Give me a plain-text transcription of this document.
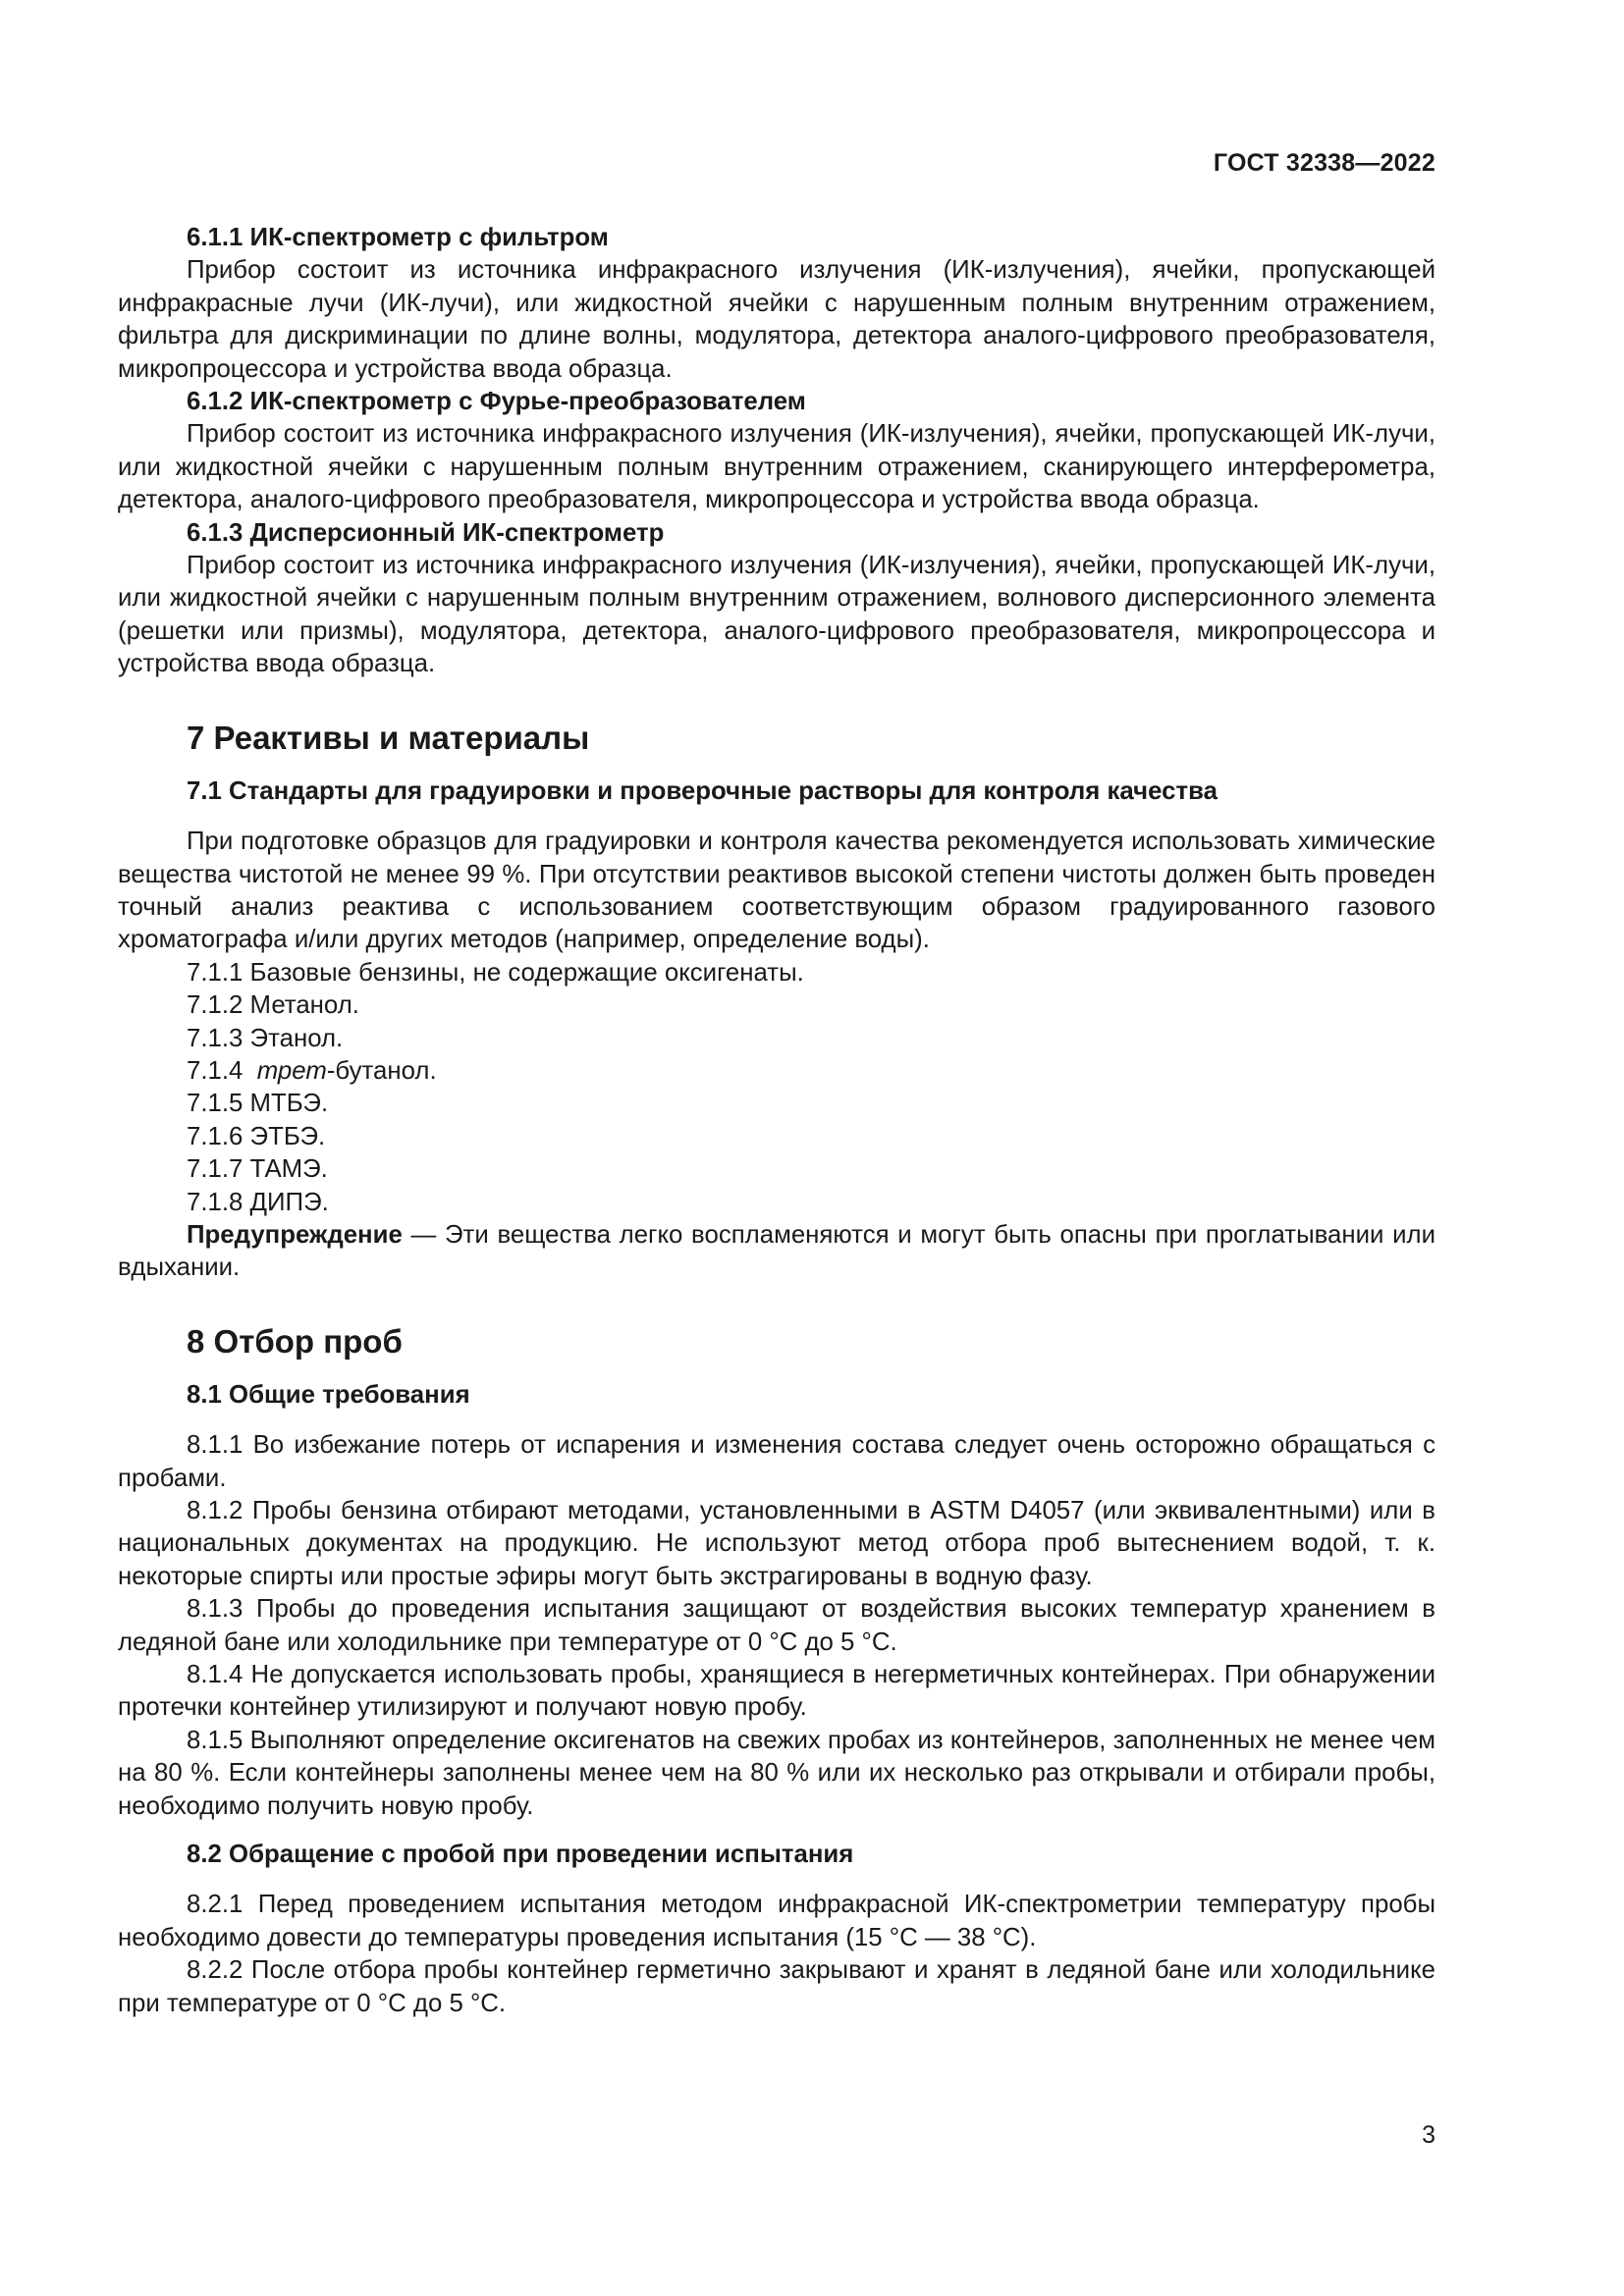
ГОСТ 32338—2022

6.1.1 ИК-спектрометр с фильтром

Прибор состоит из источника инфракрасного излучения (ИК-излучения), ячейки, пропускающей инфракрасные лучи (ИК-лучи), или жидкостной ячейки с нарушенным полным внутренним отражением, фильтра для дискриминации по длине волны, модулятора, детектора аналого-цифрового преобразователя, микропроцессора и устройства ввода образца.

6.1.2 ИК-спектрометр с Фурье-преобразователем

Прибор состоит из источника инфракрасного излучения (ИК-излучения), ячейки, пропускающей ИК-лучи, или жидкостной ячейки с нарушенным полным внутренним отражением, сканирующего интерферометра, детектора, аналого-цифрового преобразователя, микропроцессора и устройства ввода образца.

6.1.3 Дисперсионный ИК-спектрометр

Прибор состоит из источника инфракрасного излучения (ИК-излучения), ячейки, пропускающей ИК-лучи, или жидкостной ячейки с нарушенным полным внутренним отражением, волнового дисперсионного элемента (решетки или призмы), модулятора, детектора, аналого-цифрового преобразователя, микропроцессора и устройства ввода образца.

7 Реактивы и материалы

7.1 Стандарты для градуировки и проверочные растворы для контроля качества

При подготовке образцов для градуировки и контроля качества рекомендуется использовать химические вещества чистотой не менее 99 %. При отсутствии реактивов высокой степени чистоты должен быть проведен точный анализ реактива с использованием соответствующим образом градуированного газового хроматографа и/или других методов (например, определение воды).

7.1.1 Базовые бензины, не содержащие оксигенаты.

7.1.2 Метанол.

7.1.3 Этанол.

7.1.4  трет-бутанол.

7.1.5 МТБЭ.

7.1.6 ЭТБЭ.

7.1.7 ТАМЭ.

7.1.8 ДИПЭ.

Предупреждение — Эти вещества легко воспламеняются и могут быть опасны при проглатывании или вдыхании.

8 Отбор проб

8.1 Общие требования

8.1.1 Во избежание потерь от испарения и изменения состава следует очень осторожно обращаться с пробами.

8.1.2 Пробы бензина отбирают методами, установленными в ASTM D4057 (или эквивалентными) или в национальных документах на продукцию. Не используют метод отбора проб вытеснением водой, т. к. некоторые спирты или простые эфиры могут быть экстрагированы в водную фазу.

8.1.3 Пробы до проведения испытания защищают от воздействия высоких температур хранением в ледяной бане или холодильнике при температуре от 0 °С до 5 °С.

8.1.4 Не допускается использовать пробы, хранящиеся в негерметичных контейнерах. При обнаружении протечки контейнер утилизируют и получают новую пробу.

8.1.5 Выполняют определение оксигенатов на свежих пробах из контейнеров, заполненных не менее чем на 80 %. Если контейнеры заполнены менее чем на 80 % или их несколько раз открывали и отбирали пробы, необходимо получить новую пробу.

8.2 Обращение с пробой при проведении испытания

8.2.1 Перед проведением испытания методом инфракрасной ИК-спектрометрии температуру пробы необходимо довести до температуры проведения испытания (15 °С — 38 °С).

8.2.2 После отбора пробы контейнер герметично закрывают и хранят в ледяной бане или холодильнике при температуре от 0 °С до 5 °С.

3
